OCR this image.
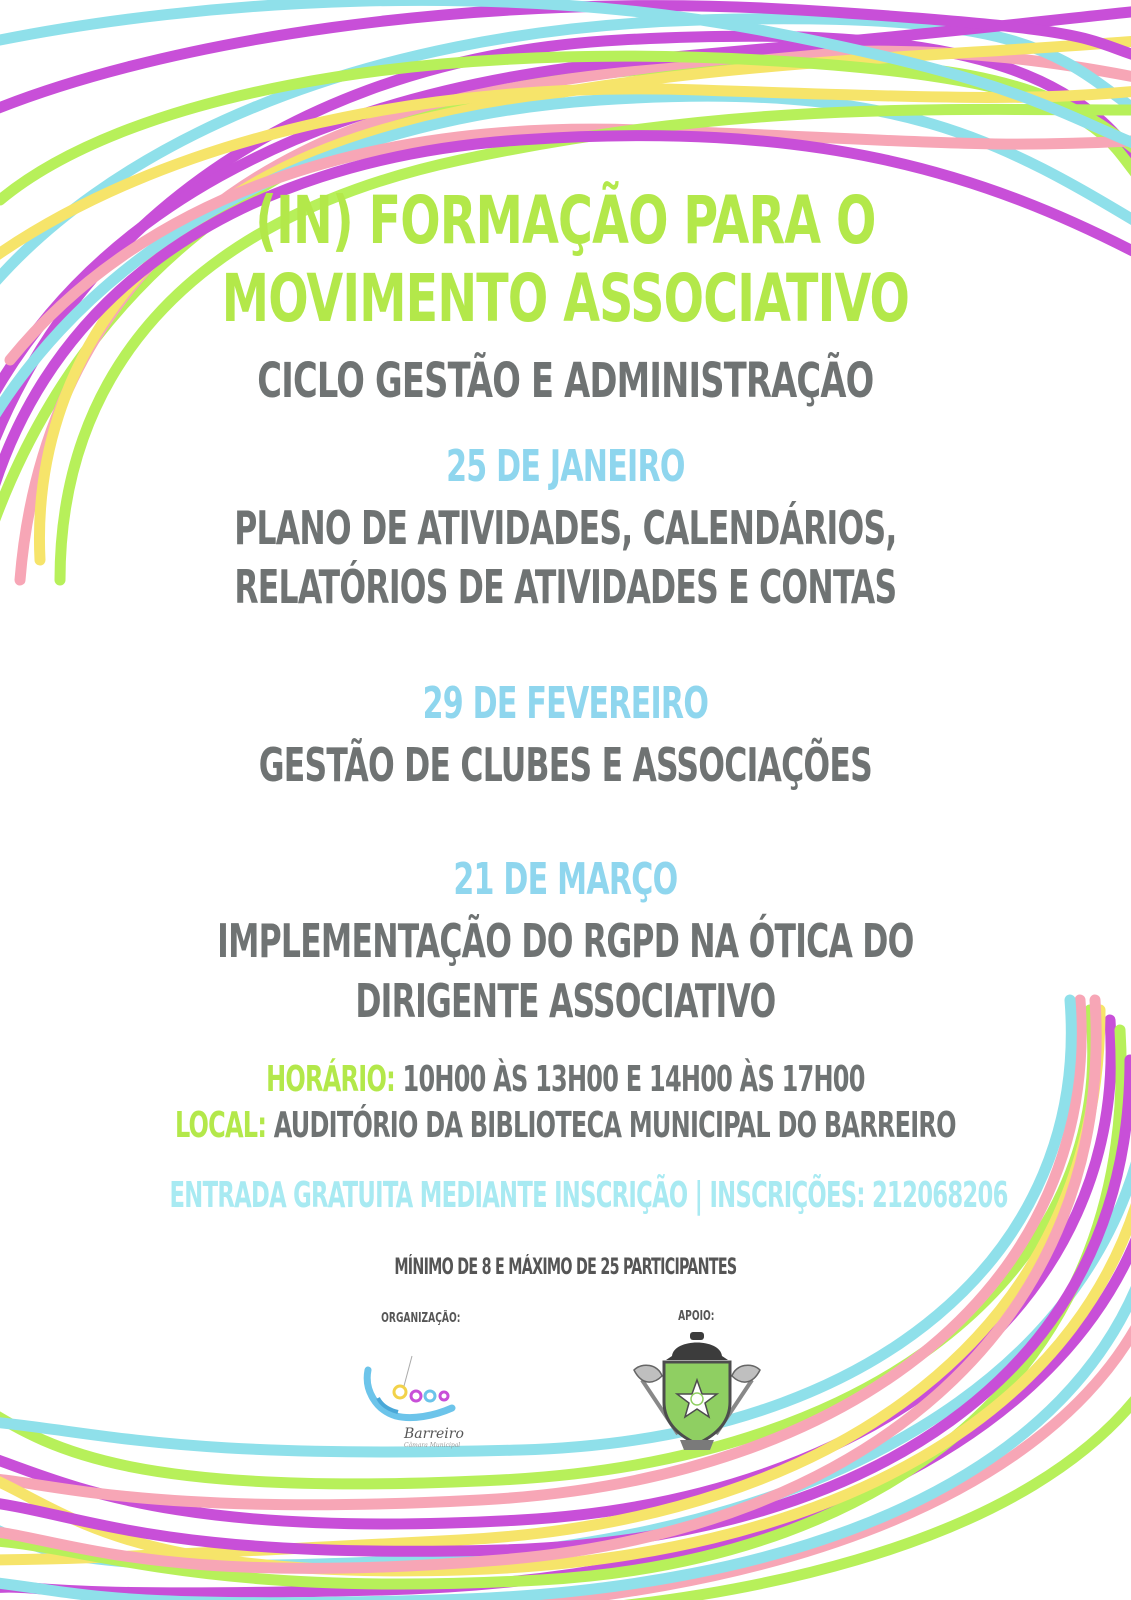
(IN) FORMAÇÃO PARA O
MOVIMENTO ASSOCIATIVO
CICLO GESTÃO E ADMINISTRAÇÃO
25 DE JANEIRO
PLANO DE ATIVIDADES, CALENDÁRIOS,
RELATÓRIOS DE ATIVIDADES E CONTAS
29 DE FEVEREIRO
GESTÃO DE CLUBES E ASSOCIAÇÕES
21 DE MARÇO
IMPLEMENTAÇÃO DO RGPD NA ÓTICA DO
DIRIGENTE ASSOCIATIVO
HORÁRIO: 10H00 ÀS 13H00 E 14H00 ÀS 17H00
LOCAL: AUDITÓRIO DA BIBLIOTECA MUNICIPAL DO BARREIRO
ENTRADA GRATUITA MEDIANTE INSCRIÇÃO | INSCRIÇÕES: 212068206
MÍNIMO DE 8 E MÁXIMO DE 25 PARTICIPANTES
ORGANIZAÇÃO:	APOIO:
Barreiro
Câmara Municipal
